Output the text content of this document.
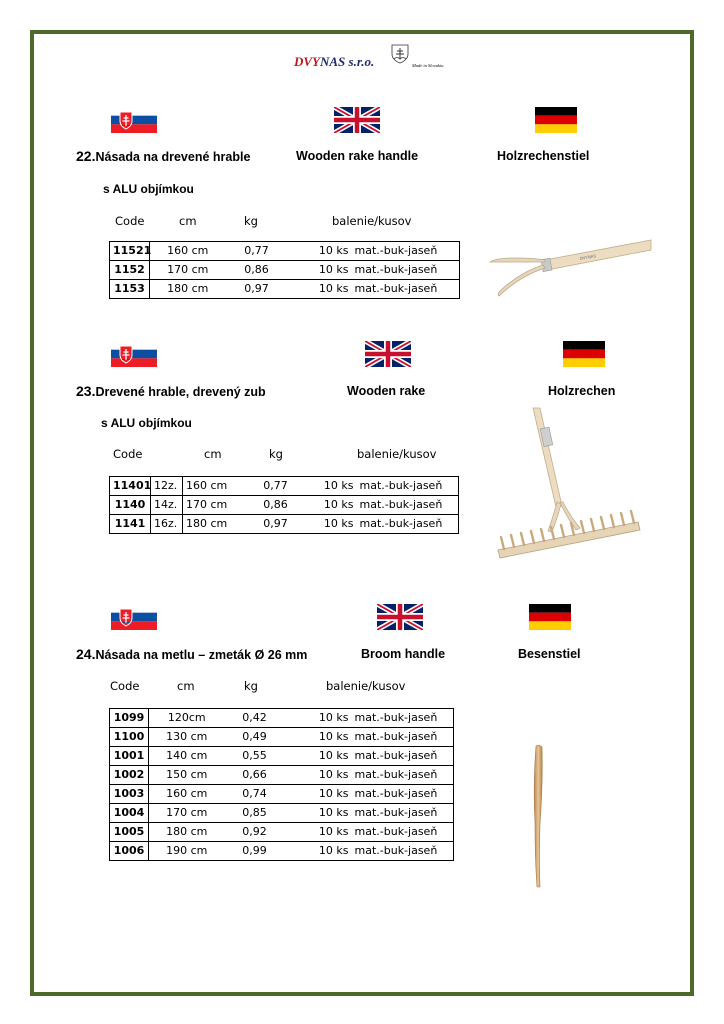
DVYNAS s.r.o.	Made in Slovakia
22.Násada na drevené hrable	Wooden rake handle	Holzrechenstiel
s ALU objímkou
Code	cm	kg	balenie/kusov
11521	160 cm	0,77	10 ks	mat.-buk-jaseň
1152	170 cm	0,86	10 ks	mat.-buk-jaseň
1153	180 cm	0,97	10 ks	mat.-buk-jaseň
DVYNAS
23.Drevené hrable, drevený zub	Wooden rake	Holzrechen
s ALU objímkou
Code	cm	kg	balenie/kusov
11401	12z.	160 cm	0,77	10 ks	mat.-buk-jaseň
1140	14z.	170 cm	0,86	10 ks	mat.-buk-jaseň
1141	16z.	180 cm	0,97	10 ks	mat.-buk-jaseň
24.Násada na metlu – zmeták Ø 26 mm	Broom handle	Besenstiel
Code	cm	kg	balenie/kusov
1099	120cm	0,42	10 ks	mat.-buk-jaseň
1100	130 cm	0,49	10 ks	mat.-buk-jaseň
1001	140 cm	0,55	10 ks	mat.-buk-jaseň
1002	150 cm	0,66	10 ks	mat.-buk-jaseň
1003	160 cm	0,74	10 ks	mat.-buk-jaseň
1004	170 cm	0,85	10 ks	mat.-buk-jaseň
1005	180 cm	0,92	10 ks	mat.-buk-jaseň
1006	190 cm	0,99	10 ks	mat.-buk-jaseň
